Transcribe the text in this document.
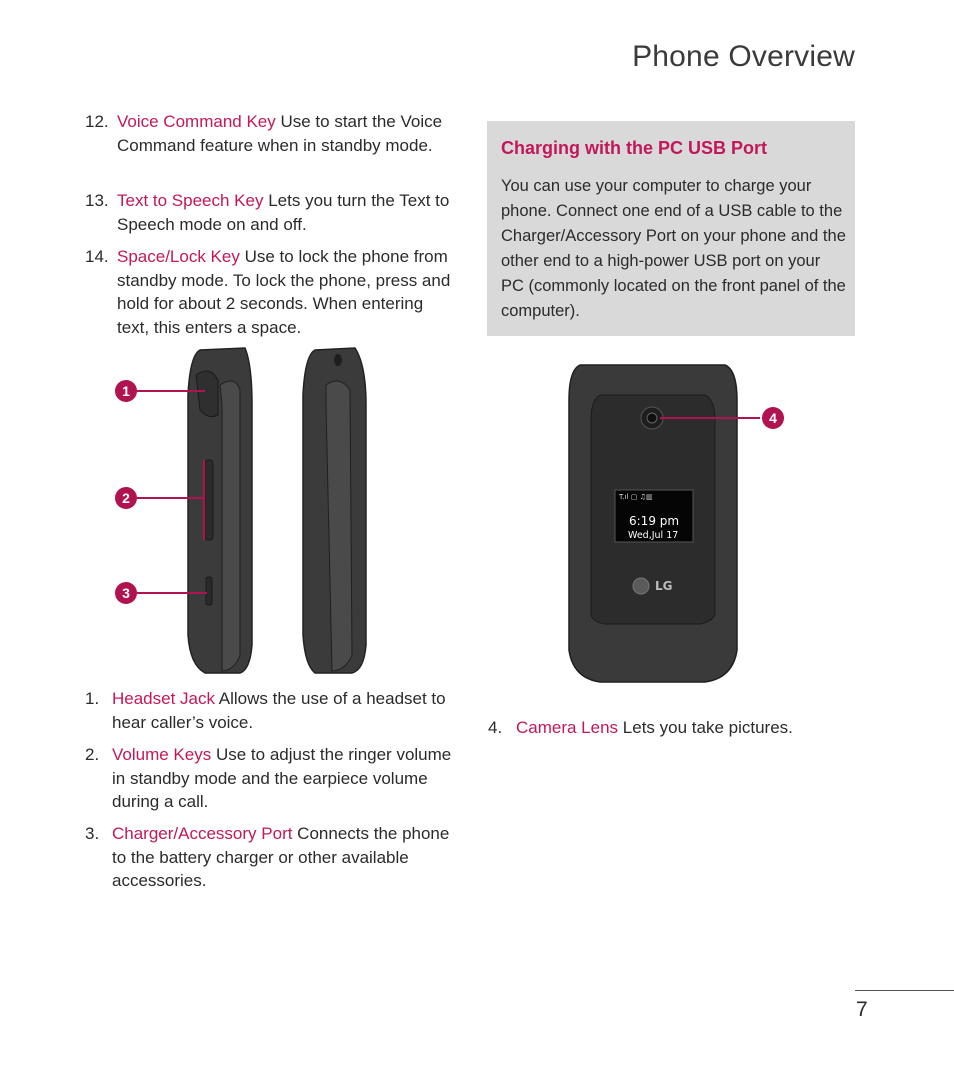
Phone Overview
12. Voice Command Key Use to start the Voice Command feature when in standby mode.
13. Text to Speech Key Lets you turn the Text to Speech mode on and off.
14. Space/Lock Key Use to lock the phone from standby mode. To lock the phone, press and hold for about 2 seconds. When entering text, this enters a space.
1
2
3
1. Headset Jack Allows the use of a headset to hear caller’s voice.
2. Volume Keys Use to adjust the ringer volume in standby mode and the earpiece volume during a call.
3. Charger/Accessory Port Connects the phone to the battery charger or other available accessories.
Charging with the PC USB Port
You can use your computer to charge your phone. Connect one end of a USB cable to the Charger/Accessory Port on your phone and the other end to a high-power USB port on your PC (commonly located on the front panel of the computer).
T.ıl ▢ ♫▥
6:19 pm
Wed,Jul 17
LG
4
4. Camera Lens Lets you take pictures.
7
